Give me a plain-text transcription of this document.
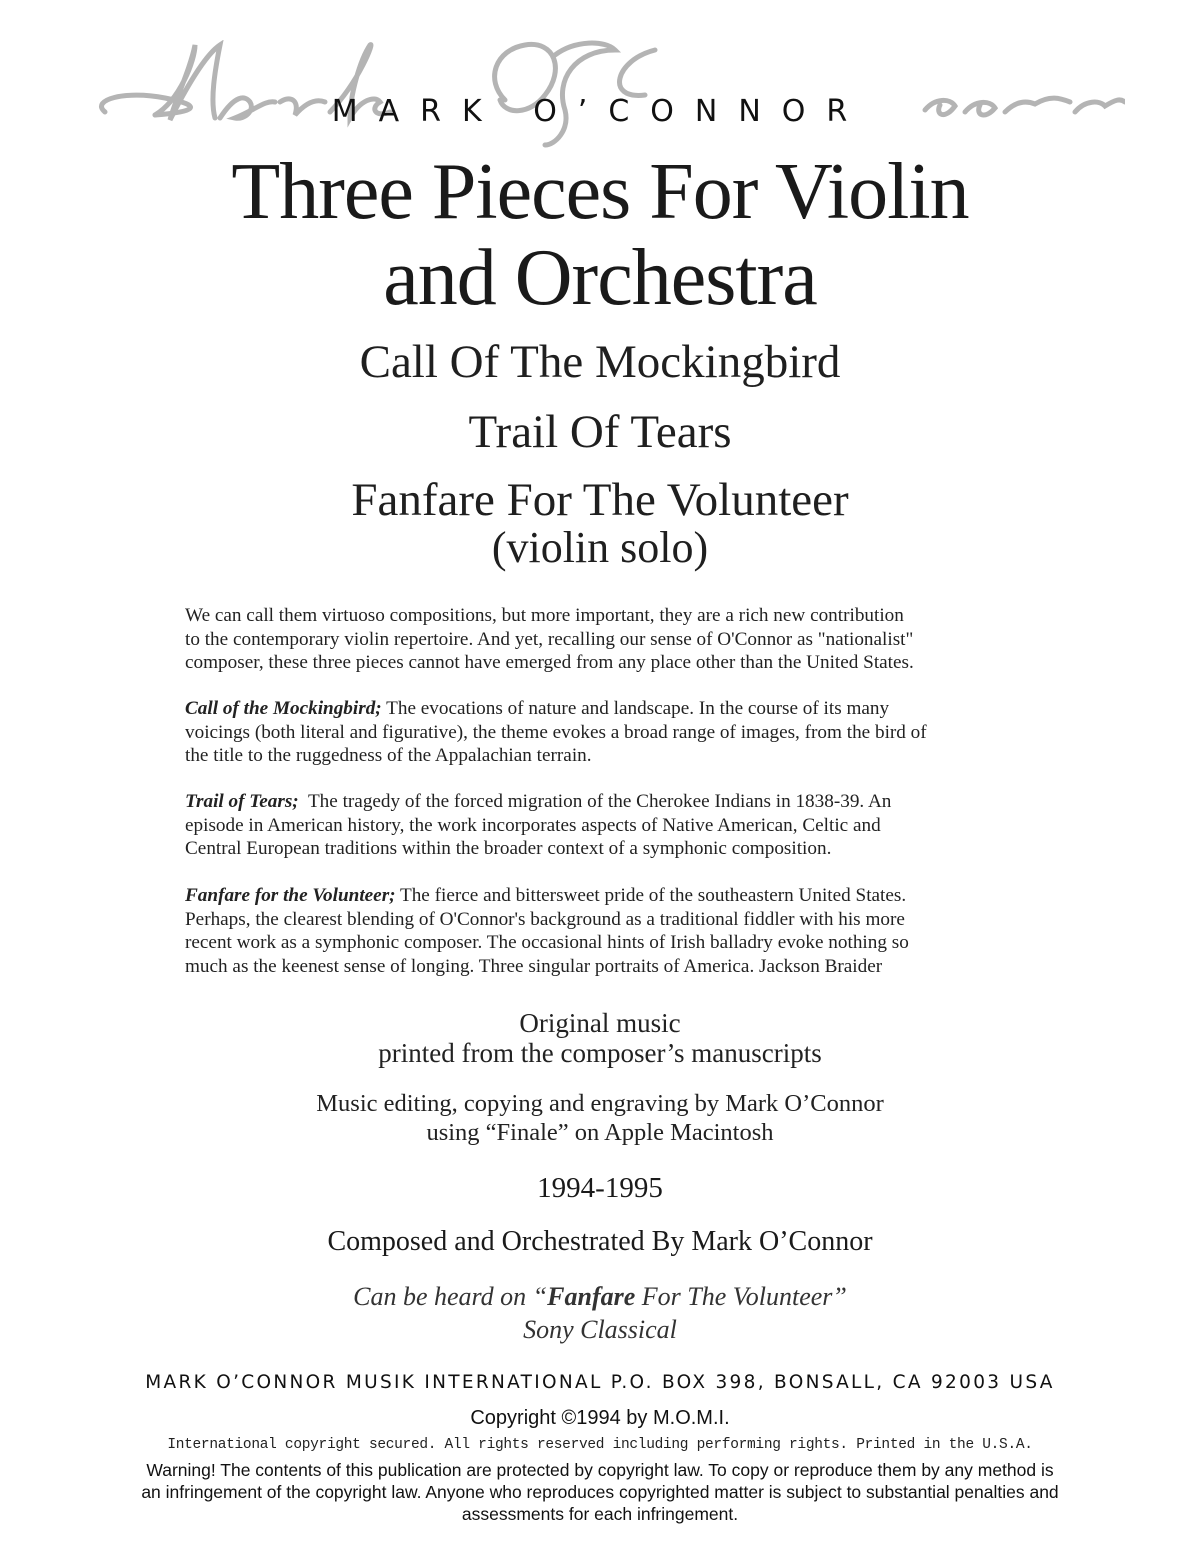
MARK O’CONNOR
Three Pieces For Violin
and Orchestra
Call Of The Mockingbird
Trail Of Tears
Fanfare For The Volunteer
(violin solo)
We can call them virtuoso compositions, but more important, they are a rich new contribution
to the contemporary violin repertoire. And yet, recalling our sense of O'Connor as "nationalist"
composer, these three pieces cannot have emerged from any place other than the United States.
Call of the Mockingbird; The evocations of nature and landscape. In the course of its many
voicings (both literal and figurative), the theme evokes a broad range of images, from the bird of
the title to the ruggedness of the Appalachian terrain.
Trail of Tears;  The tragedy of the forced migration of the Cherokee Indians in 1838-39. An
episode in American history, the work incorporates aspects of Native American, Celtic and
Central European traditions within the broader context of a symphonic composition.
Fanfare for the Volunteer; The fierce and bittersweet pride of the southeastern United States.
Perhaps, the clearest blending of O'Connor's background as a traditional fiddler with his more
recent work as a symphonic composer. The occasional hints of Irish balladry evoke nothing so
much as the keenest sense of longing. Three singular portraits of America. Jackson Braider
Original music
printed from the composer’s manuscripts
Music editing, copying and engraving by Mark O’Connor
using “Finale” on Apple Macintosh
1994-1995
Composed and Orchestrated By Mark O’Connor
Can be heard on “Fanfare For The Volunteer”
Sony Classical
MARK O’CONNOR MUSIK INTERNATIONAL P.O. BOX 398, BONSALL, CA 92003 USA
Copyright ©1994 by M.O.M.I.
International copyright secured. All rights reserved including performing rights. Printed in the U.S.A.
Warning! The contents of this publication are protected by copyright law. To copy or reproduce them by any method is
an infringement of the copyright law. Anyone who reproduces copyrighted matter is subject to substantial penalties and
assessments for each infringement.
